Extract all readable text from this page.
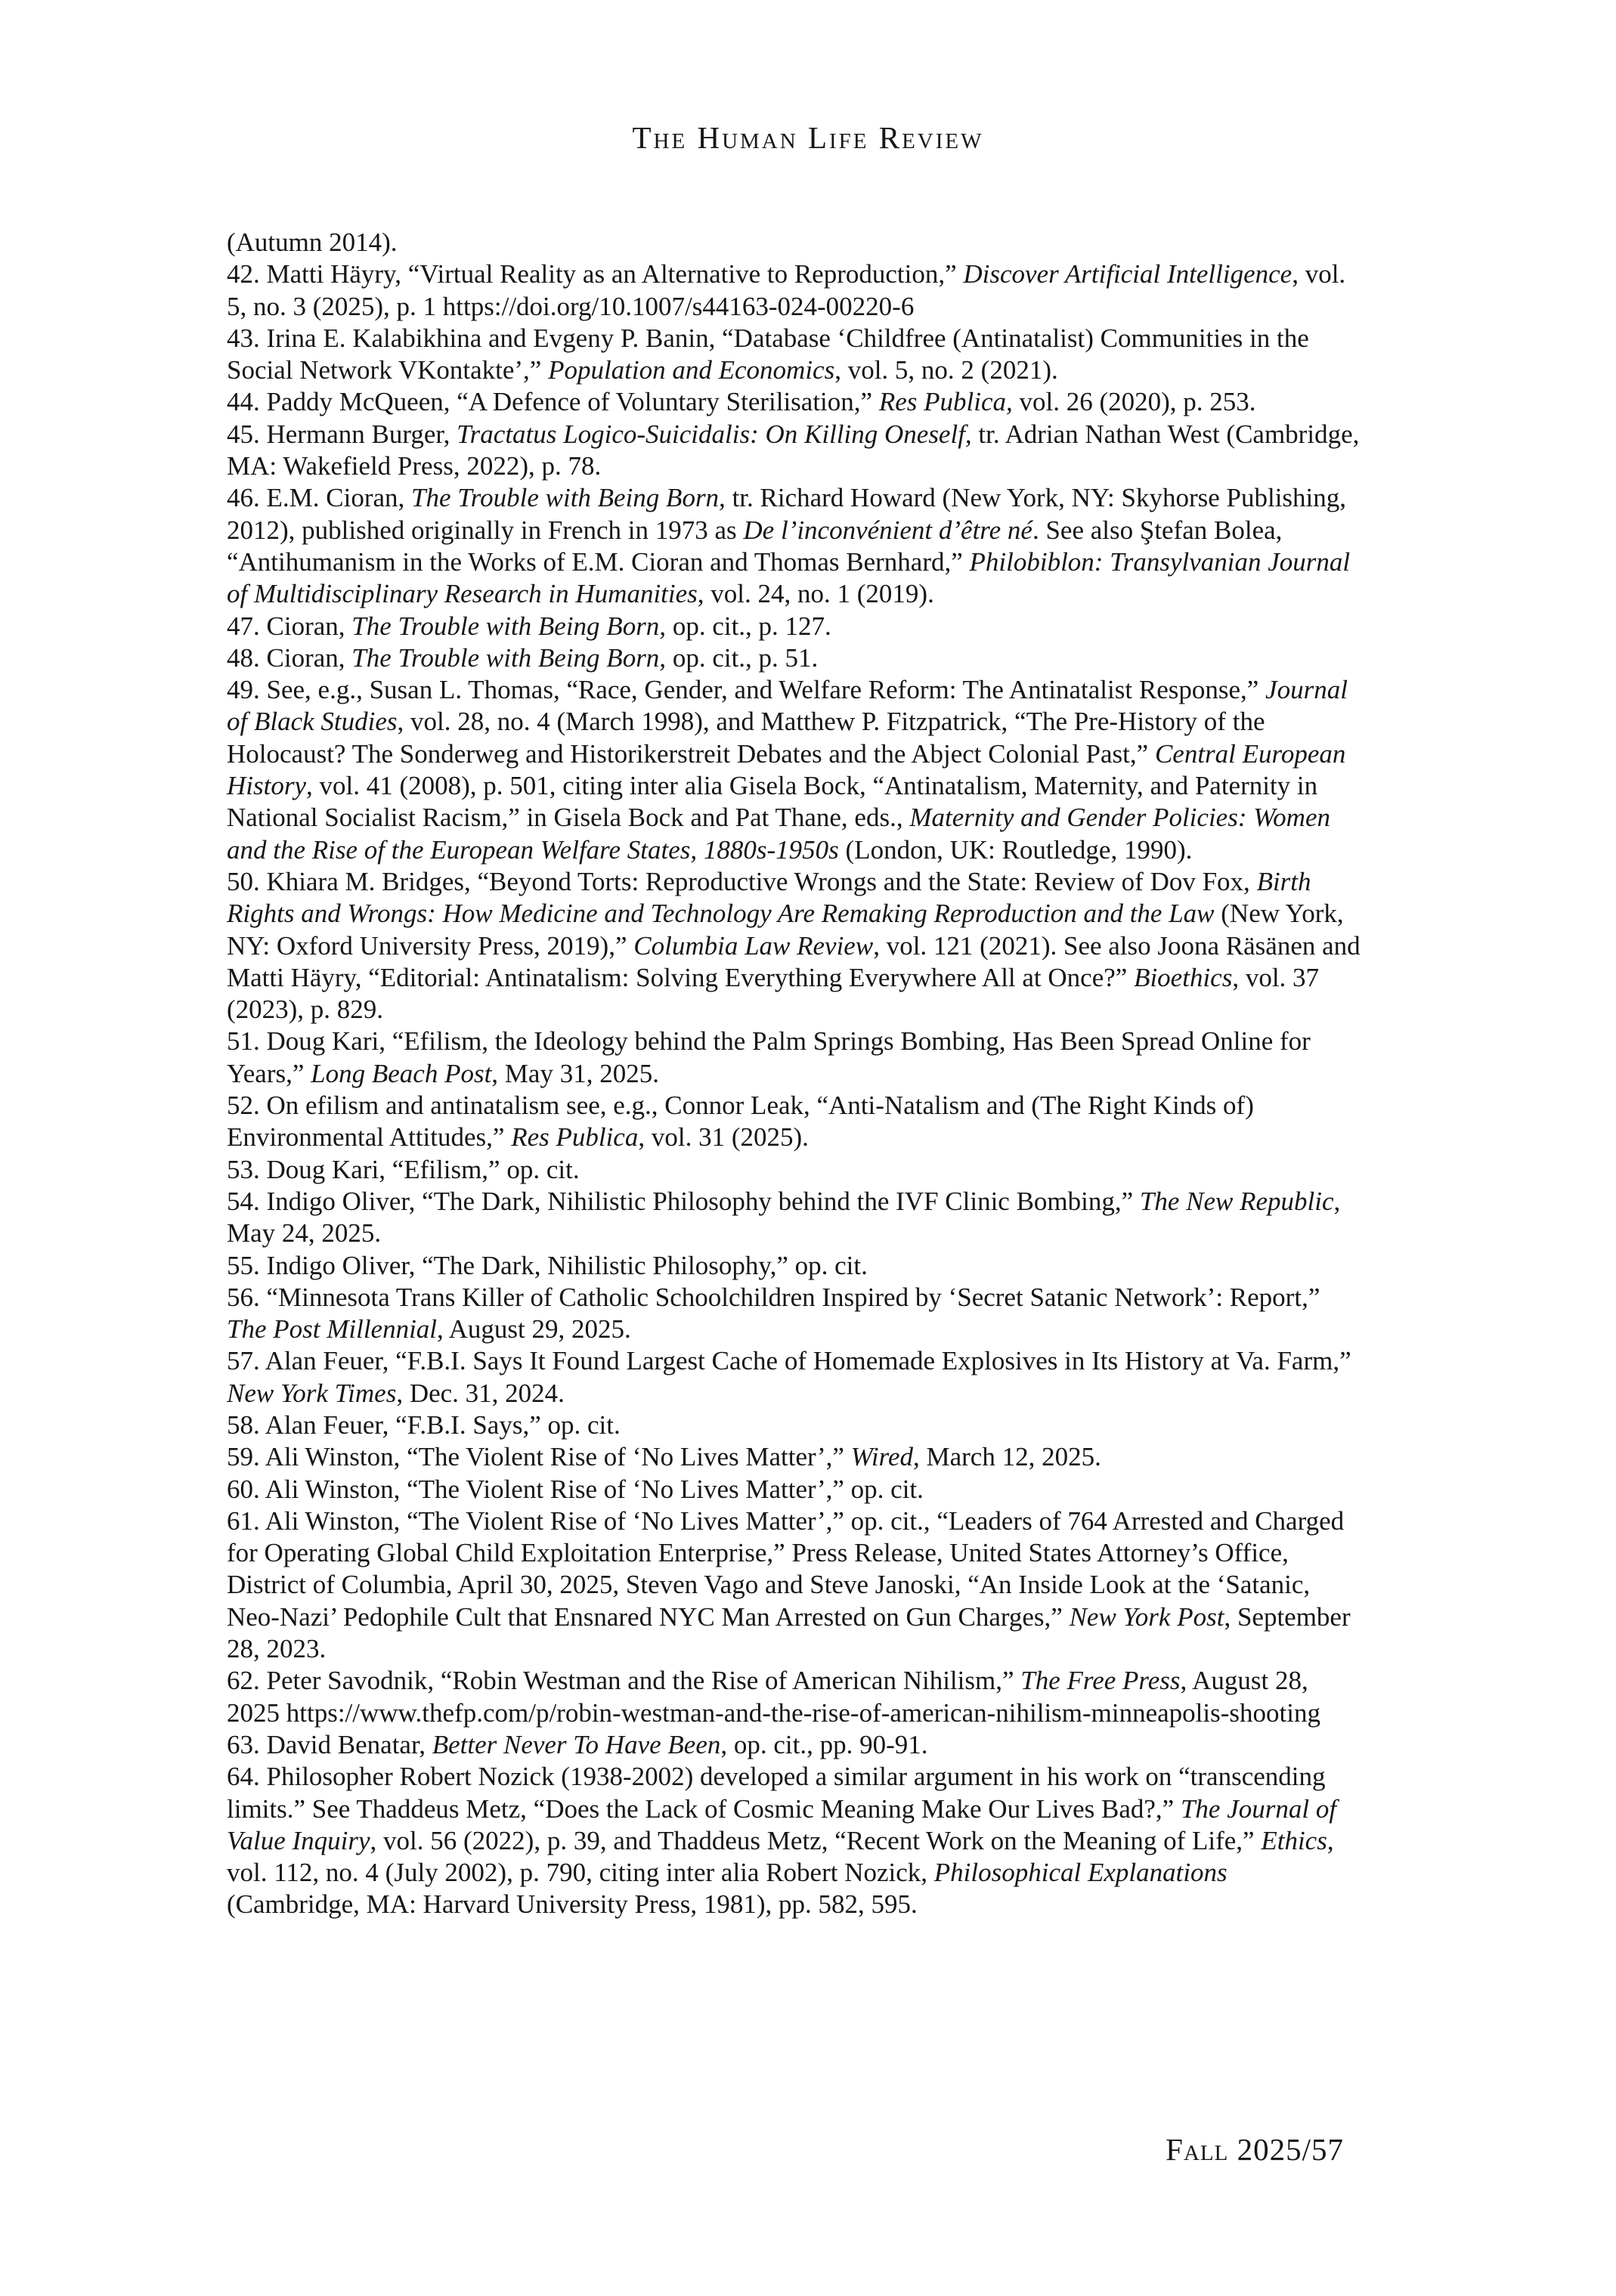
The Human Life Review

(Autumn 2014).

42. Matti Häyry, “Virtual Reality as an Alternative to Reproduction,” Discover Artificial Intelligence, vol. 5, no. 3 (2025), p. 1 https://doi.org/10.1007/s44163-024-00220-6

43. Irina E. Kalabikhina and Evgeny P. Banin, “Database ‘Childfree (Antinatalist) Communities in the Social Network VKontakte’,” Population and Economics, vol. 5, no. 2 (2021).

44. Paddy McQueen, “A Defence of Voluntary Sterilisation,” Res Publica, vol. 26 (2020), p. 253.

45. Hermann Burger, Tractatus Logico-Suicidalis: On Killing Oneself, tr. Adrian Nathan West (Cambridge, MA: Wakefield Press, 2022), p. 78.

46. E.M. Cioran, The Trouble with Being Born, tr. Richard Howard (New York, NY: Skyhorse Publishing, 2012), published originally in French in 1973 as De l’inconvénient d’être né. See also Ştefan Bolea, “Antihumanism in the Works of E.M. Cioran and Thomas Bernhard,” Philobiblon: Transylvanian Journal of Multidisciplinary Research in Humanities, vol. 24, no. 1 (2019).

47. Cioran, The Trouble with Being Born, op. cit., p. 127.

48. Cioran, The Trouble with Being Born, op. cit., p. 51.

49. See, e.g., Susan L. Thomas, “Race, Gender, and Welfare Reform: The Antinatalist Response,” Journal of Black Studies, vol. 28, no. 4 (March 1998), and Matthew P. Fitzpatrick, “The Pre-History of the Holocaust? The Sonderweg and Historikerstreit Debates and the Abject Colonial Past,” Central European History, vol. 41 (2008), p. 501, citing inter alia Gisela Bock, “Antinatalism, Maternity, and Paternity in National Socialist Racism,” in Gisela Bock and Pat Thane, eds., Maternity and Gender Policies: Women and the Rise of the European Welfare States, 1880s-1950s (London, UK: Routledge, 1990).

50. Khiara M. Bridges, “Beyond Torts: Reproductive Wrongs and the State: Review of Dov Fox, Birth Rights and Wrongs: How Medicine and Technology Are Remaking Reproduction and the Law (New York, NY: Oxford University Press, 2019),” Columbia Law Review, vol. 121 (2021). See also Joona Räsänen and Matti Häyry, “Editorial: Antinatalism: Solving Everything Everywhere All at Once?” Bioethics, vol. 37 (2023), p. 829.

51. Doug Kari, “Efilism, the Ideology behind the Palm Springs Bombing, Has Been Spread Online for Years,” Long Beach Post, May 31, 2025.

52. On efilism and antinatalism see, e.g., Connor Leak, “Anti-Natalism and (The Right Kinds of) Environmental Attitudes,” Res Publica, vol. 31 (2025).

53. Doug Kari, “Efilism,” op. cit.

54. Indigo Oliver, “The Dark, Nihilistic Philosophy behind the IVF Clinic Bombing,” The New Republic, May 24, 2025.

55. Indigo Oliver, “The Dark, Nihilistic Philosophy,” op. cit.

56. “Minnesota Trans Killer of Catholic Schoolchildren Inspired by ‘Secret Satanic Network’: Report,” The Post Millennial, August 29, 2025.

57. Alan Feuer, “F.B.I. Says It Found Largest Cache of Homemade Explosives in Its History at Va. Farm,” New York Times, Dec. 31, 2024.

58. Alan Feuer, “F.B.I. Says,” op. cit.

59. Ali Winston, “The Violent Rise of ‘No Lives Matter’,” Wired, March 12, 2025.

60. Ali Winston, “The Violent Rise of ‘No Lives Matter’,” op. cit.

61. Ali Winston, “The Violent Rise of ‘No Lives Matter’,” op. cit., “Leaders of 764 Arrested and Charged for Operating Global Child Exploitation Enterprise,” Press Release, United States Attorney’s Office, District of Columbia, April 30, 2025, Steven Vago and Steve Janoski, “An Inside Look at the ‘Satanic, Neo-Nazi’ Pedophile Cult that Ensnared NYC Man Arrested on Gun Charges,” New York Post, September 28, 2023.

62. Peter Savodnik, “Robin Westman and the Rise of American Nihilism,” The Free Press, August 28, 2025 https://www.thefp.com/p/robin-westman-and-the-rise-of-american-nihilism-minneapolis-shooting

63. David Benatar, Better Never To Have Been, op. cit., pp. 90-91.

64. Philosopher Robert Nozick (1938-2002) developed a similar argument in his work on “transcending limits.” See Thaddeus Metz, “Does the Lack of Cosmic Meaning Make Our Lives Bad?,” The Journal of Value Inquiry, vol. 56 (2022), p. 39, and Thaddeus Metz, “Recent Work on the Meaning of Life,” Ethics, vol. 112, no. 4 (July 2002), p. 790, citing inter alia Robert Nozick, Philosophical Explanations (Cambridge, MA: Harvard University Press, 1981), pp. 582, 595.

Fall 2025/57
